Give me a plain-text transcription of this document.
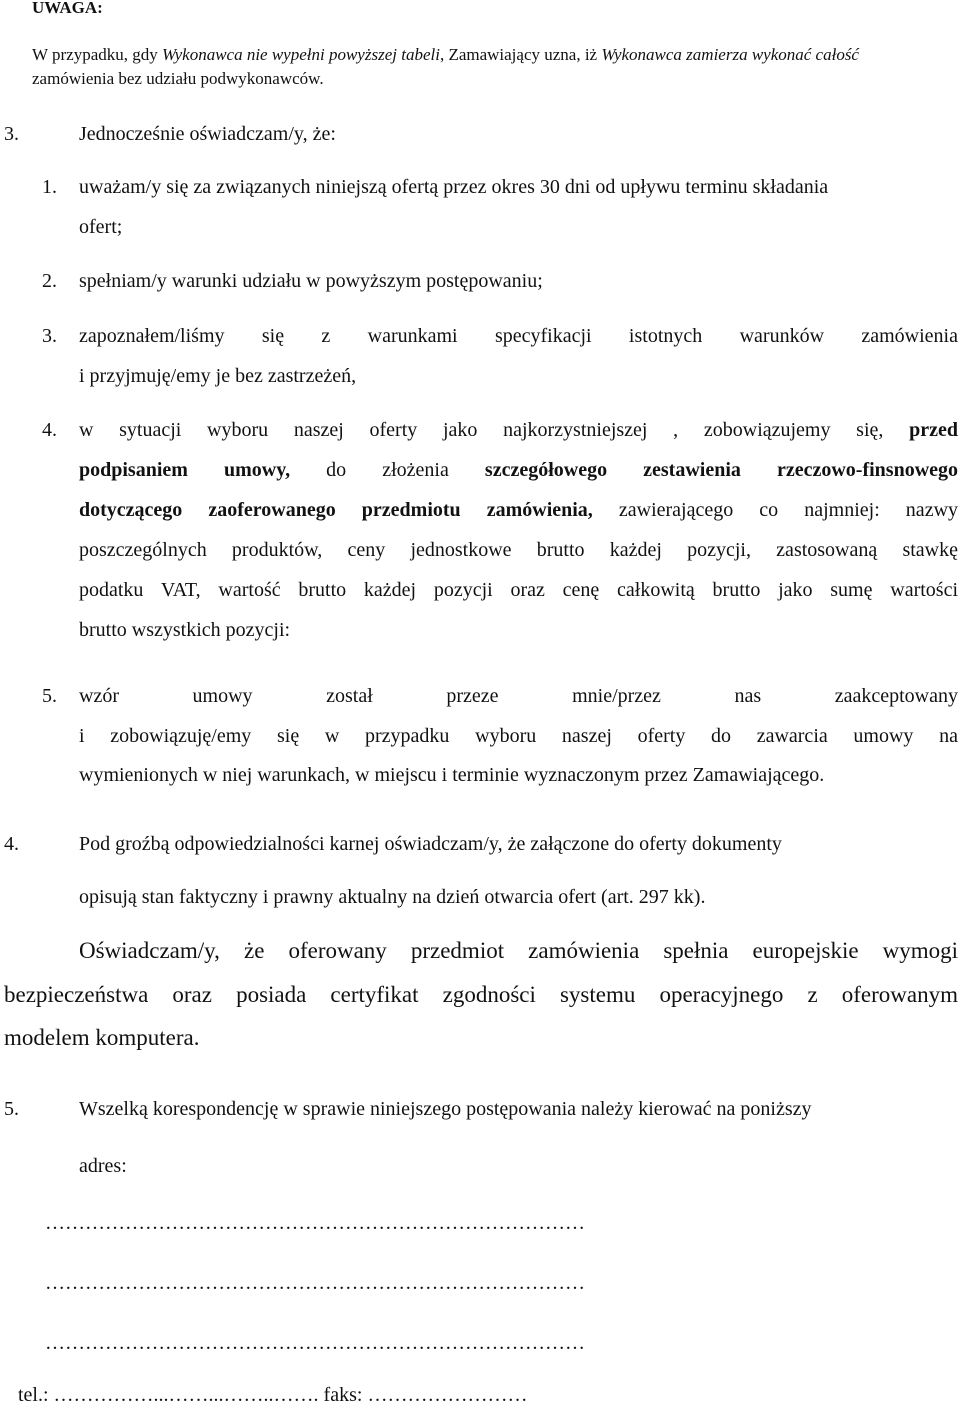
UWAGA:
W przypadku, gdy Wykonawca nie wypełni powyższej tabeli, Zamawiający uzna, iż Wykonawca zamierza wykonać całość
zamówienia bez udziału podwykonawców.
3.	Jednocześnie oświadczam/y, że:
1. uważam/y się za związanych niniejszą ofertą przez okres 30 dni od upływu terminu składania
ofert;
2. spełniam/y warunki udziału w powyższym postępowaniu;
3. zapoznałem/liśmy się z warunkami specyfikacji istotnych warunków zamówienia
i przyjmuję/emy je bez zastrzeżeń,
4. w sytuacji wyboru naszej oferty jako najkorzystniejszej , zobowiązujemy się, przed
podpisaniem umowy, do złożenia szczegółowego zestawienia rzeczowo-finsnowego
dotyczącego zaoferowanego przedmiotu zamówienia, zawierającego co najmniej: nazwy
poszczególnych produktów, ceny jednostkowe brutto każdej pozycji, zastosowaną stawkę
podatku VAT, wartość brutto każdej pozycji oraz cenę całkowitą brutto jako sumę wartości
brutto wszystkich pozycji:
5. wzór umowy został przeze mnie/przez nas zaakceptowany
i zobowiązuję/emy się w przypadku wyboru naszej oferty do zawarcia umowy na
wymienionych w niej warunkach, w miejscu i terminie wyznaczonym przez Zamawiającego.
4.	Pod groźbą odpowiedzialności karnej oświadczam/y, że załączone do oferty dokumenty
opisują stan faktyczny i prawny aktualny na dzień otwarcia ofert (art. 297 kk).
Oświadczam/y, że oferowany przedmiot zamówienia spełnia europejskie wymogi
bezpieczeństwa oraz posiada certyfikat zgodności systemu operacyjnego z oferowanym
modelem komputera.
5.	Wszelką korespondencję w sprawie niniejszego postępowania należy kierować na poniższy
adres:
………………………………………………………………………
………………………………………………………………………
………………………………………………………………………
tel.: ……………...……...……..……. faks: ……………………
